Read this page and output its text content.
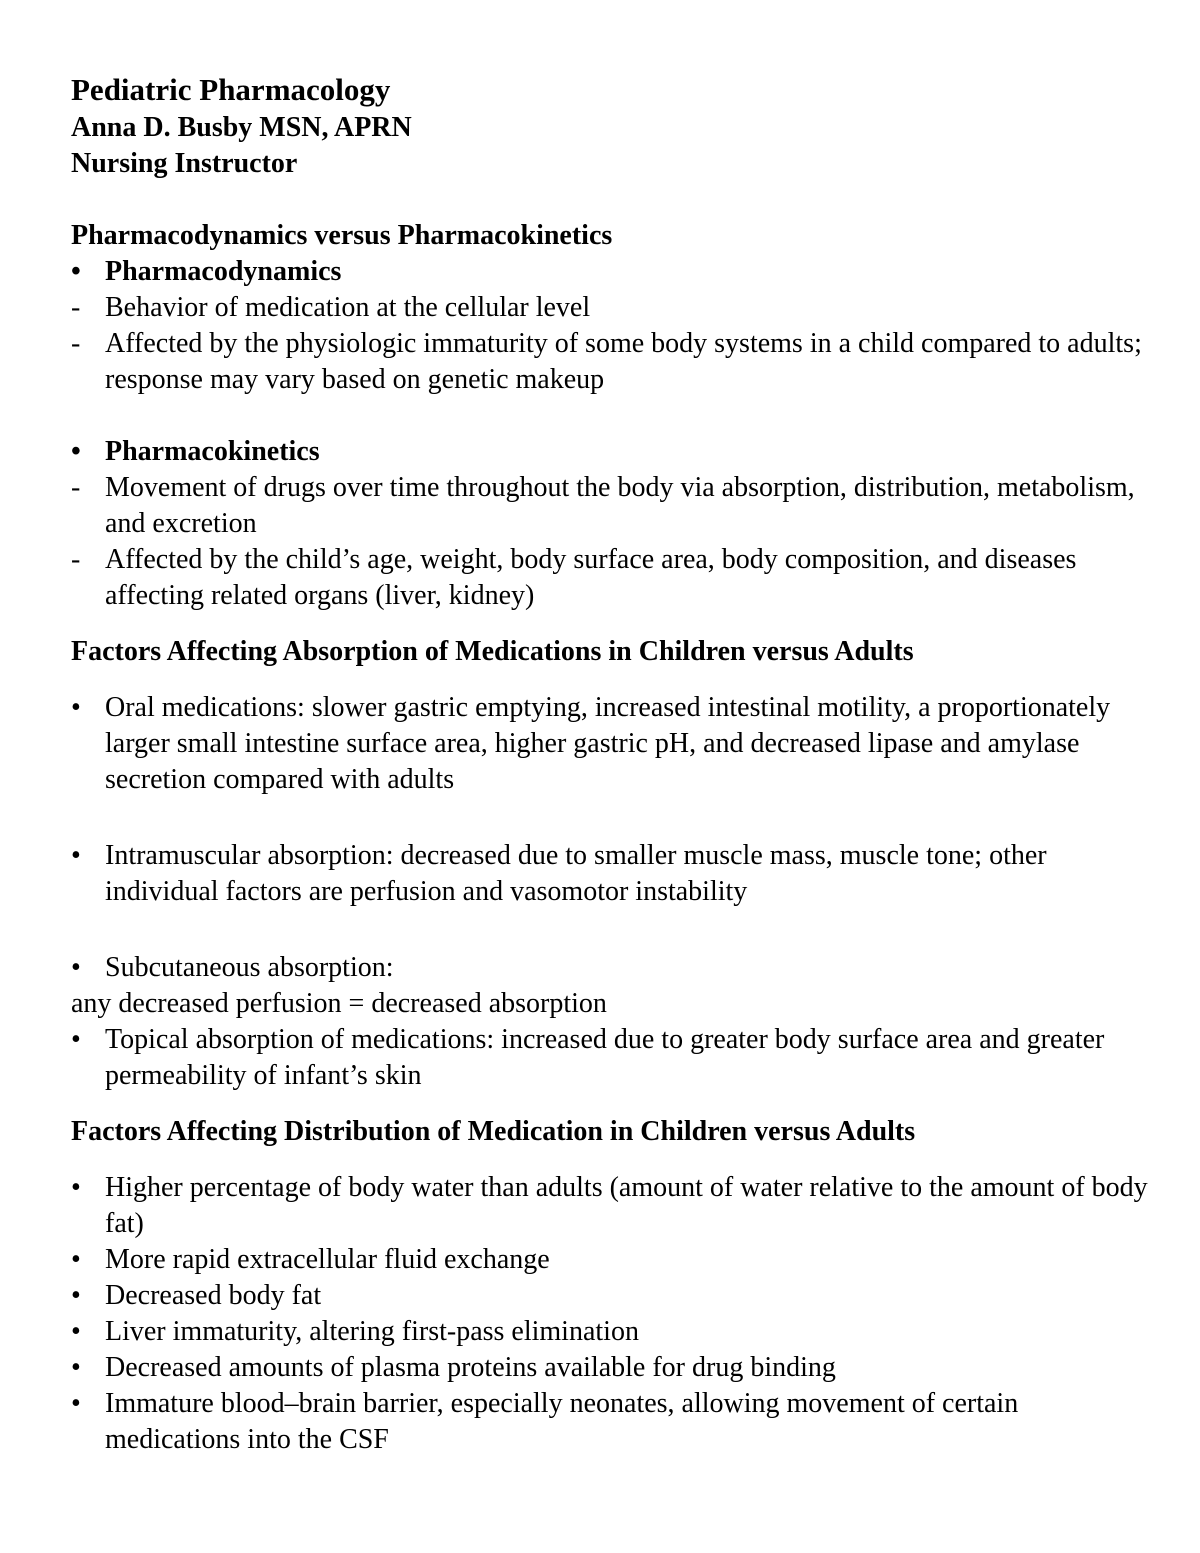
Pediatric Pharmacology

Anna D. Busby MSN, APRN

Nursing Instructor

Pharmacodynamics versus Pharmacokinetics

• Pharmacodynamics
- Behavior of medication at the cellular level
- Affected by the physiologic immaturity of some body systems in a child compared to adults; response may vary based on genetic makeup
• Pharmacokinetics
- Movement of drugs over time throughout the body via absorption, distribution, metabolism, and excretion
- Affected by the child’s age, weight, body surface area, body composition, and diseases affecting related organs (liver, kidney)

Factors Affecting Absorption of Medications in Children versus Adults

• Oral medications: slower gastric emptying, increased intestinal motility, a proportionately larger small intestine surface area, higher gastric pH, and decreased lipase and amylase secretion compared with adults
• Intramuscular absorption: decreased due to smaller muscle mass, muscle tone; other individual factors are perfusion and vasomotor instability
• Subcutaneous absorption:

any decreased perfusion = decreased absorption

• Topical absorption of medications: increased due to greater body surface area and greater permeability of infant’s skin

Factors Affecting Distribution of Medication in Children versus Adults

• Higher percentage of body water than adults (amount of water relative to the amount of body fat)
• More rapid extracellular fluid exchange
• Decreased body fat
• Liver immaturity, altering first-pass elimination
• Decreased amounts of plasma proteins available for drug binding
• Immature blood–brain barrier, especially neonates, allowing movement of certain medications into the CSF
